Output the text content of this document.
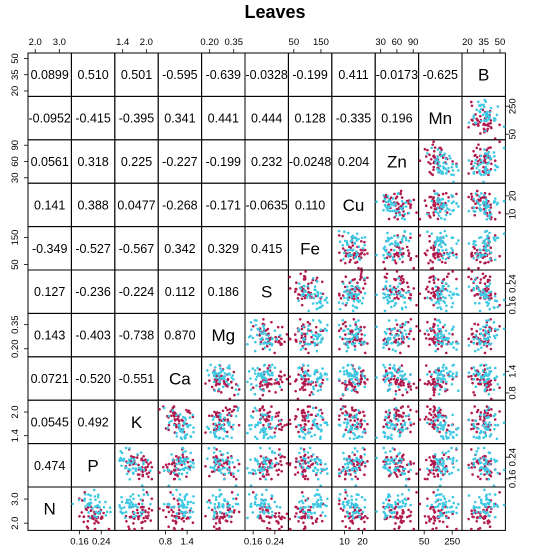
Leaves
0.0899 0.510 0.501 -0.595 -0.639 -0.0328 -0.199 0.411 -0.0173 -0.625 B
-0.0952 -0.415 -0.395 0.341 0.441 0.444 0.128 -0.335 0.196 Mn
0.0561 0.318 0.225 -0.227 -0.199 0.232 -0.0248 0.204 Zn
0.141 0.388 0.0477 -0.268 -0.171 -0.0635 0.110 Cu
-0.349 -0.527 -0.567 0.342 0.329 0.415 Fe
0.127 -0.236 -0.224 0.112 0.186 S
0.143 -0.403 -0.738 0.870 Mg
0.0721 -0.520 -0.551 Ca
0.0545 0.492 K
0.474 P
N
2.0 3.0
0.16 0.24
1.4 2.0
0.8 1.4
0.20 0.35
0.16 0.24
50 150
10 20
30 60 90
50 250
20 35 50
20
35
50
50
250
30
60
90
10
20
50
150
0.16
0.24
0.20
0.35
0.8
1.4
1.4
2.0
0.16
0.24
2.0
3.0
